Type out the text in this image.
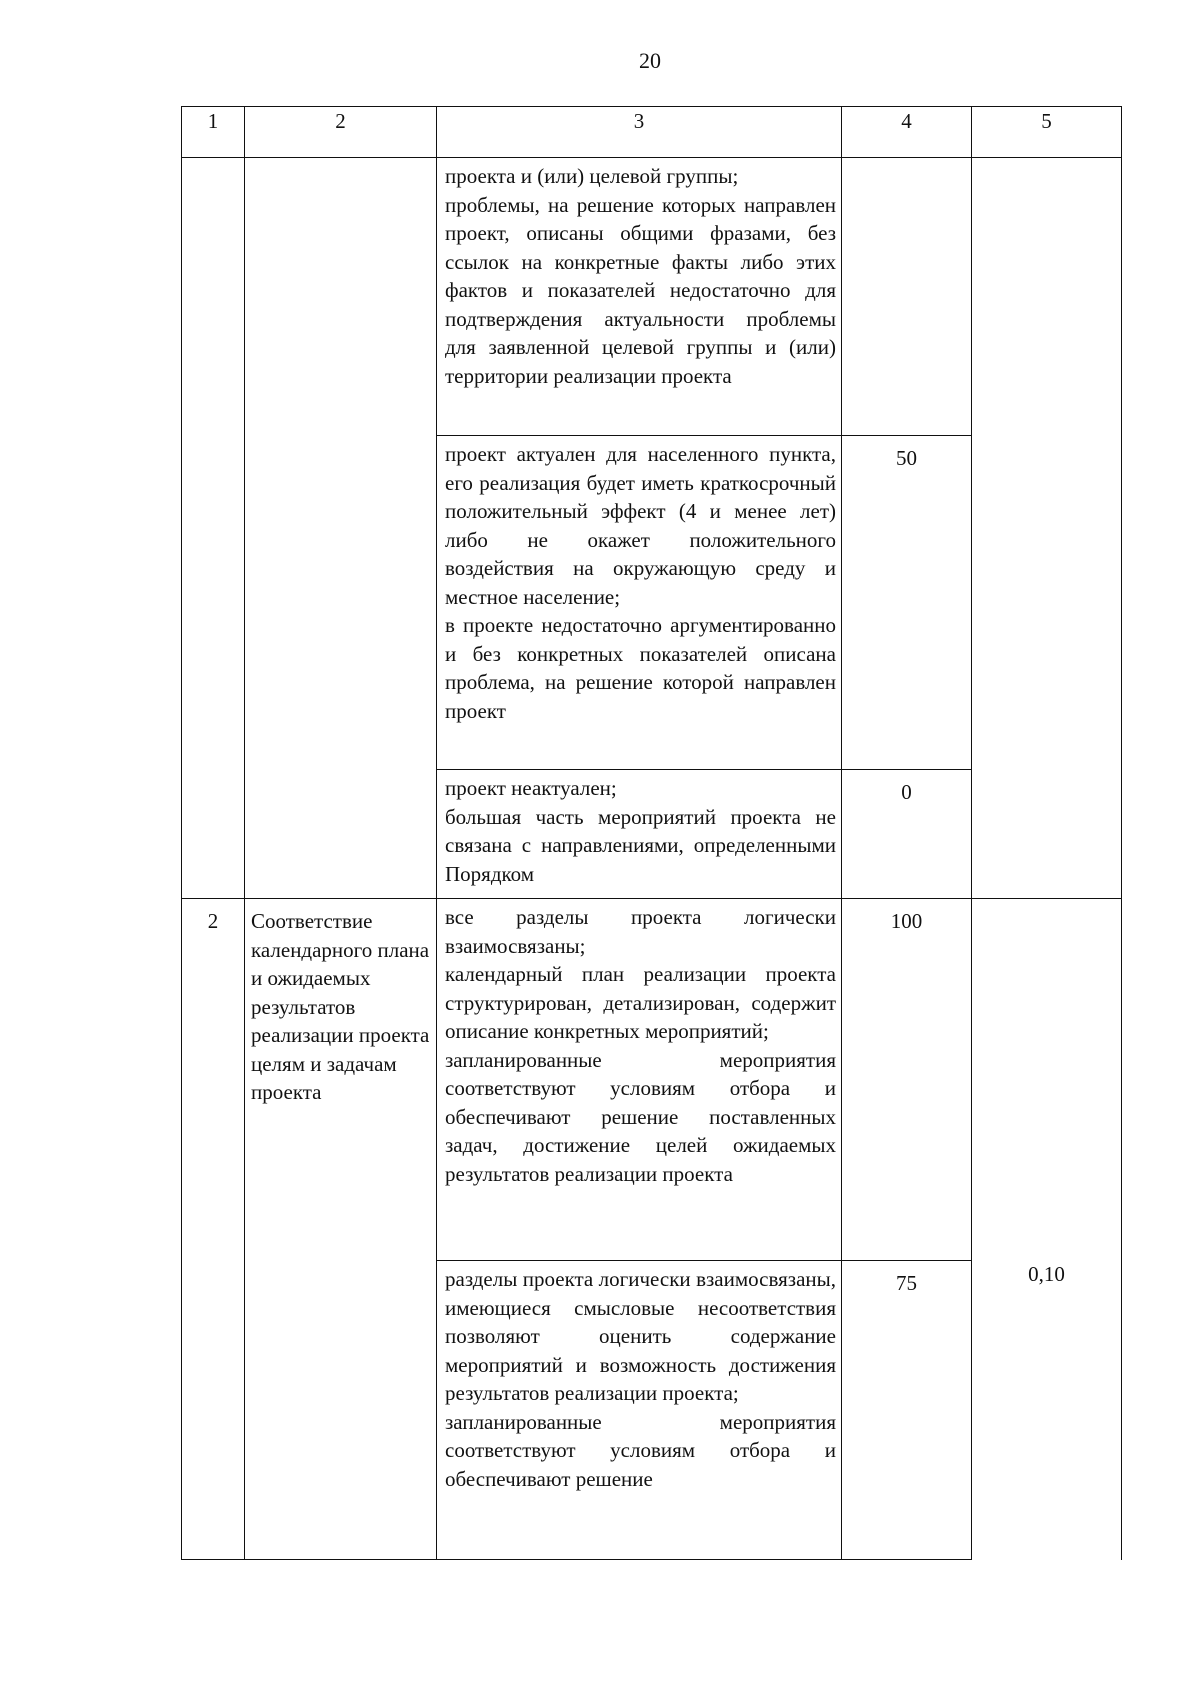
20
1	2	3	4	5

		проекта и (или) целевой группы;

проблемы, на решение которых направлен проект, описаны общими фразами, без ссылок на конкретные факты либо этих фактов и показателей недостаточно для подтверждения актуальности проблемы для заявленной целевой группы и (или) территории реализации проекта		

		проект актуален для населенного пункта, его реализация будет иметь краткосрочный положительный эффект (4 и менее лет) либо не окажет положительного воздействия на окружающую среду и местное население;

в проекте недостаточно аргументированно и без конкретных показателей описана проблема, на решение которой направлен проект	50	

		проект неактуален;

большая часть мероприятий проекта не связана с направлениями, определенными Порядком	0	
2	Соответствие календарного плана и ожидаемых результатов реализации проекта целям и задачам проекта	все разделы проекта логически взаимосвязаны;

календарный план реализации проекта структурирован, детализирован, содержит описание конкретных мероприятий;

запланированные мероприятия соответствуют условиям отбора и обеспечивают решение поставленных задач, достижение целей ожидаемых результатов реализации проекта	100	0,10

		разделы проекта логически взаимосвязаны, имеющиеся смысловые несоответствия позволяют оценить содержание мероприятий и возможность достижения результатов реализации проекта;

запланированные мероприятия соответствуют условиям отбора и обеспечивают решение	75	
